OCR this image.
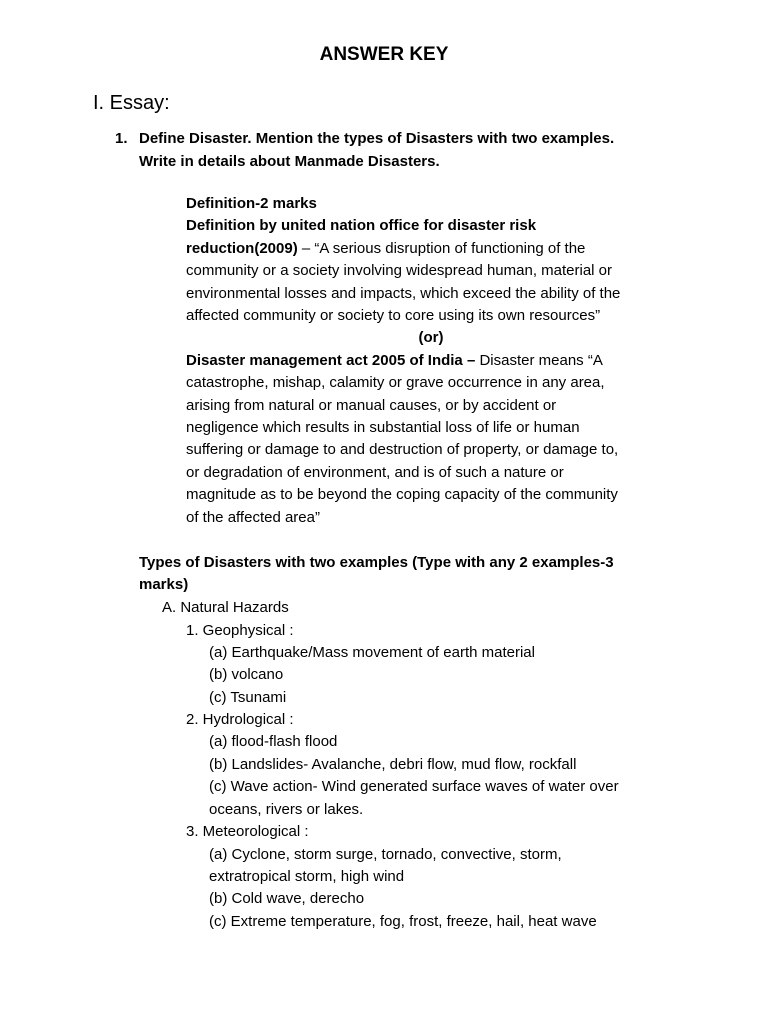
ANSWER KEY
I. Essay:
1. Define Disaster. Mention the types of Disasters with two examples.
Write in details about Manmade Disasters.
Definition-2 marks
Definition by united nation office for disaster risk
reduction(2009) – “A serious disruption of functioning of the
community or a society involving widespread human, material or
environmental losses and impacts, which exceed the ability of the
affected community or society to core using its own resources”
(or)
Disaster management act 2005 of India – Disaster means “A
catastrophe, mishap, calamity or grave occurrence in any area,
arising from natural or manual causes, or by accident or
negligence which results in substantial loss of life or human
suffering or damage to and destruction of property, or damage to,
or degradation of environment, and is of such a nature or
magnitude as to be beyond the coping capacity of the community
of the affected area”
Types of Disasters with two examples (Type with any 2 examples-3
marks)
A. Natural Hazards
1. Geophysical :
(a) Earthquake/Mass movement of earth material
(b) volcano
(c) Tsunami
2. Hydrological :
(a) flood-flash flood
(b) Landslides- Avalanche, debri flow, mud flow, rockfall
(c) Wave action- Wind generated surface waves of water over
oceans, rivers or lakes.
3. Meteorological :
(a) Cyclone, storm surge, tornado, convective, storm,
extratropical storm, high wind
(b) Cold wave, derecho
(c) Extreme temperature, fog, frost, freeze, hail, heat wave
